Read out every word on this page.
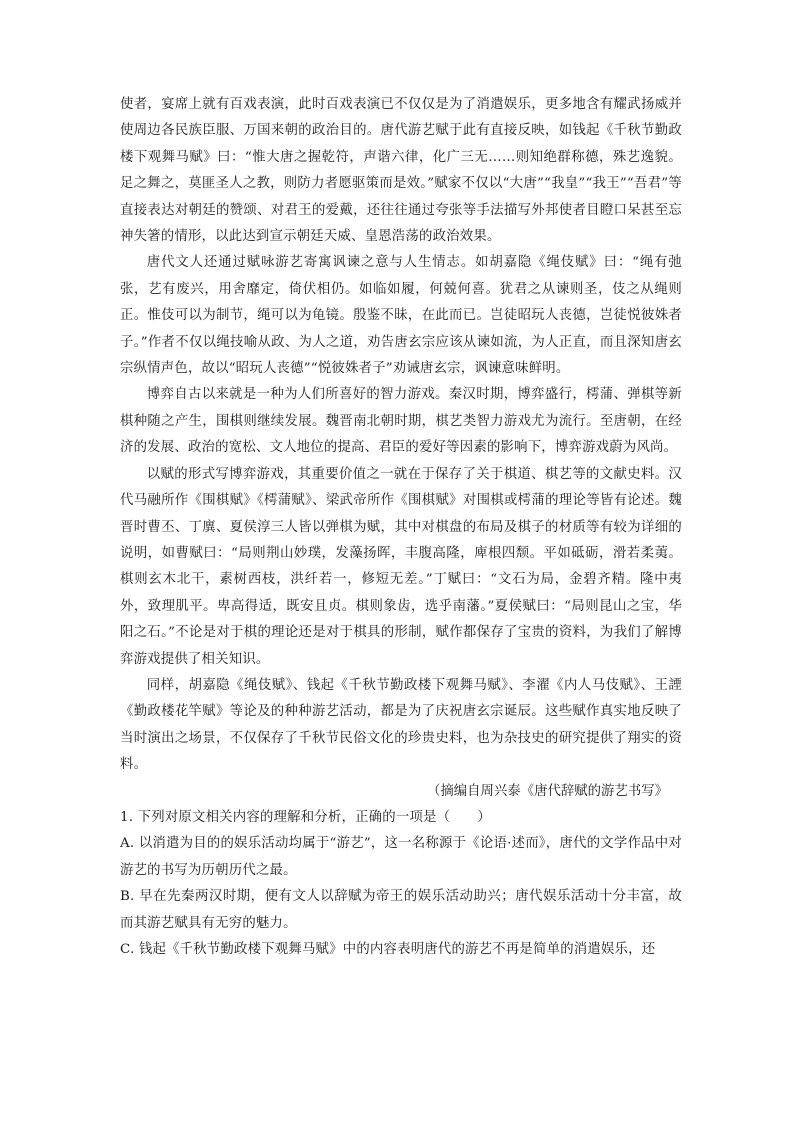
使者，宴席上就有百戏表演，此时百戏表演已不仅仅是为了消遣娱乐，更多地含有耀武扬威并使周边各民族臣服、万国来朝的政治目的。唐代游艺赋于此有直接反映，如钱起《千秋节勤政楼下观舞马赋》曰：“惟大唐之握乾符，声谐六律，化广三无……则知绝群称德，殊艺逸貌。足之舞之，莫匪圣人之教，则防力者愿驱策而是效。”赋家不仅以“大唐”“我皇”“我王”“吾君”等直接表达对朝廷的赞颂、对君王的爱戴，还往往通过夸张等手法描写外邦使者目瞪口呆甚至忘神失箸的情形，以此达到宣示朝廷天威、皇恩浩荡的政治效果。

唐代文人还通过赋咏游艺寄寓讽谏之意与人生情志。如胡嘉隐《绳伎赋》曰：“绳有弛张，艺有废兴，用舍靡定，倚伏相仍。如临如履，何兢何喜。犹君之从谏则圣，伎之从绳则正。惟伎可以为制节，绳可以为龟镜。殷鉴不昧，在此而已。岂徒昭玩人丧德，岂徒悦彼姝者子。”作者不仅以绳技喻从政、为人之道，劝告唐玄宗应该从谏如流，为人正直，而且深知唐玄宗纵情声色，故以“昭玩人丧德”“悦彼姝者子”劝诫唐玄宗，讽谏意味鲜明。

博弈自古以来就是一种为人们所喜好的智力游戏。秦汉时期，博弈盛行，樗蒲、弹棋等新棋种随之产生，围棋则继续发展。魏晋南北朝时期，棋艺类智力游戏尤为流行。至唐朝，在经济的发展、政治的宽松、文人地位的提高、君臣的爱好等因素的影响下，博弈游戏蔚为风尚。

以赋的形式写博弈游戏，其重要价值之一就在于保存了关于棋道、棋艺等的文献史料。汉代马融所作《围棋赋》《樗蒲赋》、梁武帝所作《围棋赋》对围棋或樗蒲的理论等皆有论述。魏晋时曹丕、丁廙、夏侯淳三人皆以弹棋为赋，其中对棋盘的布局及棋子的材质等有较为详细的说明，如曹赋曰：“局则荆山妙璞，发藻扬晖，丰腹高隆，庳根四颓。平如砥砺，滑若柔荑。棋则玄木北干，素树西枝，洪纤若一，修短无差。”丁赋曰：“文石为局，金碧齐精。隆中夷外，致理肌平。卑高得适，既安且贞。棋则象齿，选乎南藩。”夏侯赋曰：“局则昆山之宝，华阳之石。”不论是对于棋的理论还是对于棋具的形制，赋作都保存了宝贵的资料，为我们了解博弈游戏提供了相关知识。

同样，胡嘉隐《绳伎赋》、钱起《千秋节勤政楼下观舞马赋》、李濯《内人马伎赋》、王諲《勤政楼花竿赋》等论及的种种游艺活动，都是为了庆祝唐玄宗诞辰。这些赋作真实地反映了当时演出之场景，不仅保存了千秋节民俗文化的珍贵史料，也为杂技史的研究提供了翔实的资料。

（摘编自周兴泰《唐代辞赋的游艺书写》

1. 下列对原文相关内容的理解和分析，正确的一项是（　　）

A. 以消遣为目的的娱乐活动均属于“游艺”，这一名称源于《论语·述而》，唐代的文学作品中对游艺的书写为历朝历代之最。

B. 早在先秦两汉时期，便有文人以辞赋为帝王的娱乐活动助兴；唐代娱乐活动十分丰富，故而其游艺赋具有无穷的魅力。

C. 钱起《千秋节勤政楼下观舞马赋》中的内容表明唐代的游艺不再是简单的消遣娱乐，还
